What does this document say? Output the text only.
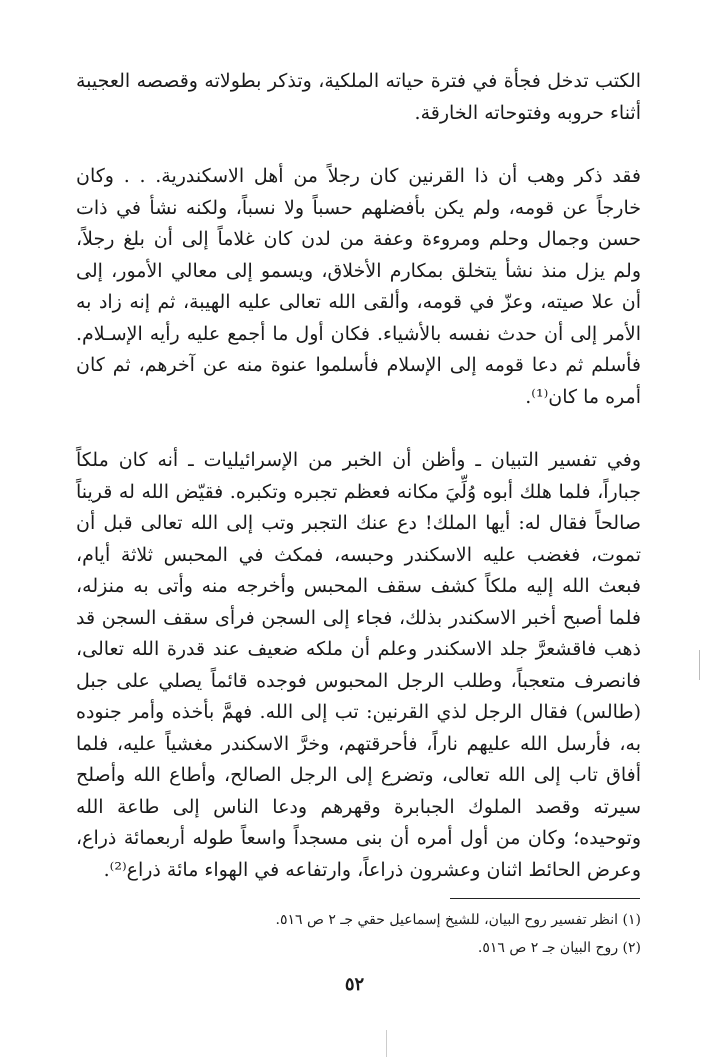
الكتب تدخل فجأة في فترة حياته الملكية، وتذكر بطولاته وقصصه العجيبة أثناء حروبه وفتوحاته الخارقة.

فقد ذكر وهب أن ذا القرنين كان رجلاً من أهل الاسكندرية. . . وكان خارجاً عن قومه، ولم يكن بأفضلهم حسباً ولا نسباً، ولكنه نشأ في ذات حسن وجمال وحلم ومروءة وعفة من لدن كان غلاماً إلى أن بلغ رجلاً، ولم يزل منذ نشأ يتخلق بمكارم الأخلاق، ويسمو إلى معالي الأمور، إلى أن علا صيته، وعزّ في قومه، وألقى الله تعالى عليه الهيبة، ثم إنه زاد به الأمر إلى أن حدث نفسه بالأشياء. فكان أول ما أجمع عليه رأيه الإسـلام. فأسلم ثم دعا قومه إلى الإسلام فأسلموا عنوة منه عن آخرهم، ثم كان أمره ما كان⁽¹⁾.

وفي تفسير التبيان ـ وأظن أن الخبر من الإسرائيليات ـ أنه كان ملكاً جباراً، فلما هلك أبوه وُلِّيَ مكانه فعظم تجبره وتكبره. فقيّض الله له قريناً صالحاً فقال له: أيها الملك! دع عنك التجبر وتب إلى الله تعالى قبل أن تموت، فغضب عليه الاسكندر وحبسه، فمكث في المحبس ثلاثة أيام، فبعث الله إليه ملكاً كشف سقف المحبس وأخرجه منه وأتى به منزله، فلما أصبح أخبر الاسكندر بذلك، فجاء إلى السجن فرأى سقف السجن قد ذهب فاقشعرَّ جلد الاسكندر وعلم أن ملكه ضعيف عند قدرة الله تعالى، فانصرف متعجباً، وطلب الرجل المحبوس فوجده قائماً يصلي على جبل (طالس) فقال الرجل لذي القرنين: تب إلى الله. فهمَّ بأخذه وأمر جنوده به، فأرسل الله عليهم ناراً، فأحرقتهم، وخرَّ الاسكندر مغشياً عليه، فلما أفاق تاب إلى الله تعالى، وتضرع إلى الرجل الصالح، وأطاع الله وأصلح سيرته وقصد الملوك الجبابرة وقهرهم ودعا الناس إلى طاعة الله وتوحيده؛ وكان من أول أمره أن بنى مسجداً واسعاً طوله أربعمائة ذراع، وعرض الحائط اثنان وعشرون ذراعاً، وارتفاعه في الهواء مائة ذراع⁽²⁾.

(١) انظر تفسير روح البيان، للشيخ إسماعيل حقي جـ ٢ ص ٥١٦.

(٢) روح البيان جـ ٢ ص ٥١٦.

٥٢
